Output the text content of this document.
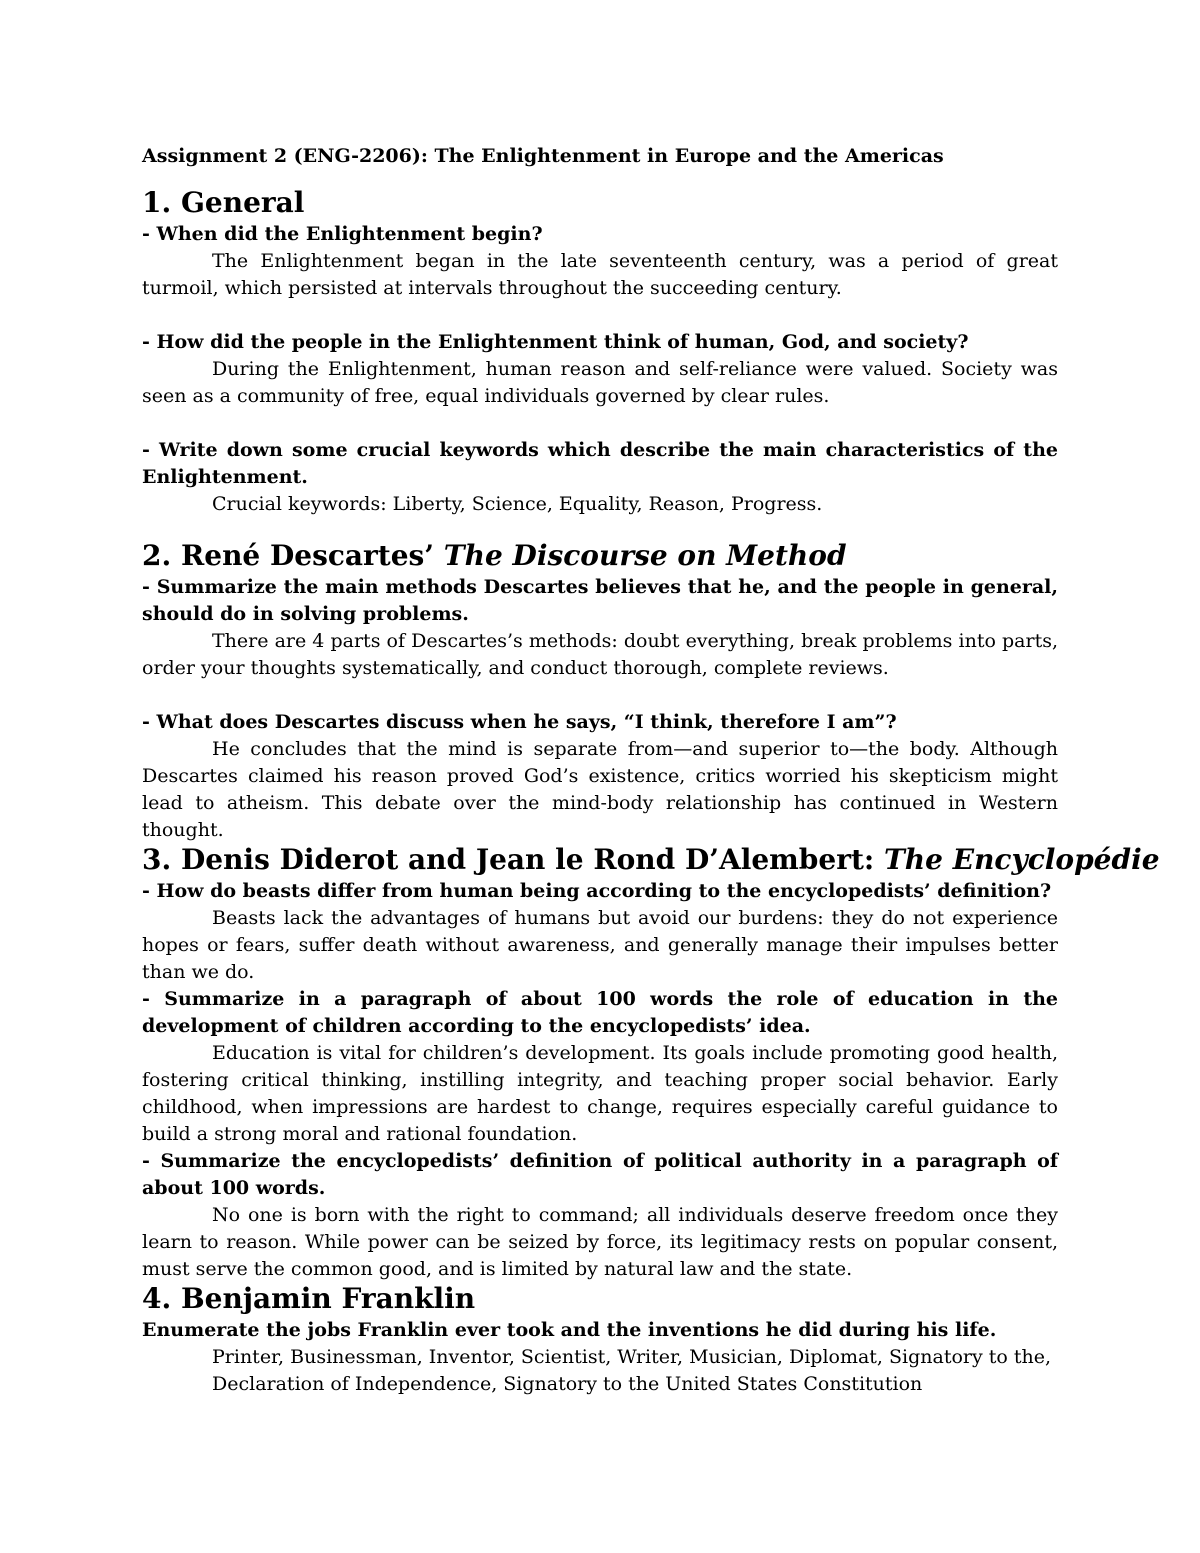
Assignment 2 (ENG-2206): The Enlightenment in Europe and the Americas
1. General

- When did the Enlightenment begin?

The Enlightenment began in the late seventeenth century, was a period of great turmoil, which persisted at intervals throughout the succeeding century.

- How did the people in the Enlightenment think of human, God, and society?

During the Enlightenment, human reason and self-reliance were valued. Society was seen as a community of free, equal individuals governed by clear rules.

- Write down some crucial keywords which describe the main characteristics of the Enlightenment.

Crucial keywords: Liberty, Science, Equality, Reason, Progress.

2. René Descartes’ The Discourse on Method

- Summarize the main methods Descartes believes that he, and the people in general, should do in solving problems.

There are 4 parts of Descartes’s methods: doubt everything, break problems into parts, order your thoughts systematically, and conduct thorough, complete reviews.

- What does Descartes discuss when he says, “I think, therefore I am”?

He concludes that the mind is separate from—and superior to—the body. Although Descartes claimed his reason proved God’s existence, critics worried his skepticism might lead to atheism. This debate over the mind-body relationship has continued in Western thought.

3. Denis Diderot and Jean le Rond D’Alembert: The Encyclopédie

- How do beasts differ from human being according to the encyclopedists’ definition?

Beasts lack the advantages of humans but avoid our burdens: they do not experience hopes or fears, suffer death without awareness, and generally manage their impulses better than we do.

- Summarize in a paragraph of about 100 words the role of education in the development of children according to the encyclopedists’ idea.

Education is vital for children’s development. Its goals include promoting good health, fostering critical thinking, instilling integrity, and teaching proper social behavior. Early childhood, when impressions are hardest to change, requires especially careful guidance to build a strong moral and rational foundation.

- Summarize the encyclopedists’ definition of political authority in a paragraph of about 100 words.

No one is born with the right to command; all individuals deserve freedom once they learn to reason. While power can be seized by force, its legitimacy rests on popular consent, must serve the common good, and is limited by natural law and the state.

4. Benjamin Franklin

Enumerate the jobs Franklin ever took and the inventions he did during his life.

Printer, Businessman, Inventor, Scientist, Writer, Musician, Diplomat, Signatory to the, Declaration of Independence, Signatory to the United States Constitution
